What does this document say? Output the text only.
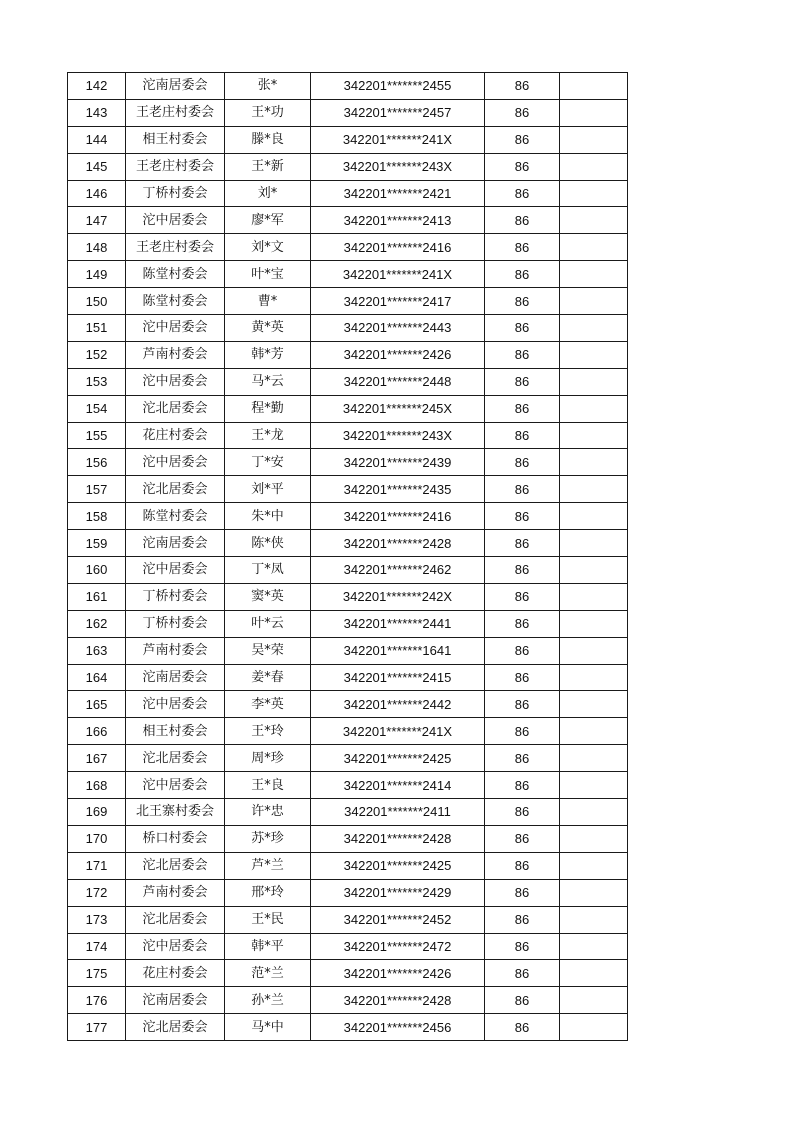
142	沱南居委会	张*	342201*******2455	86	
143	王老庄村委会	王*功	342201*******2457	86	
144	相王村委会	滕*良	342201*******241X	86	
145	王老庄村委会	王*新	342201*******243X	86	
146	丁桥村委会	刘*	342201*******2421	86	
147	沱中居委会	廖*军	342201*******2413	86	
148	王老庄村委会	刘*文	342201*******2416	86	
149	陈堂村委会	叶*宝	342201*******241X	86	
150	陈堂村委会	曹*	342201*******2417	86	
151	沱中居委会	黄*英	342201*******2443	86	
152	芦南村委会	韩*芳	342201*******2426	86	
153	沱中居委会	马*云	342201*******2448	86	
154	沱北居委会	程*勤	342201*******245X	86	
155	花庄村委会	王*龙	342201*******243X	86	
156	沱中居委会	丁*安	342201*******2439	86	
157	沱北居委会	刘*平	342201*******2435	86	
158	陈堂村委会	朱*中	342201*******2416	86	
159	沱南居委会	陈*侠	342201*******2428	86	
160	沱中居委会	丁*凤	342201*******2462	86	
161	丁桥村委会	窦*英	342201*******242X	86	
162	丁桥村委会	叶*云	342201*******2441	86	
163	芦南村委会	吴*荣	342201*******1641	86	
164	沱南居委会	姜*春	342201*******2415	86	
165	沱中居委会	李*英	342201*******2442	86	
166	相王村委会	王*玲	342201*******241X	86	
167	沱北居委会	周*珍	342201*******2425	86	
168	沱中居委会	王*良	342201*******2414	86	
169	北王寨村委会	许*忠	342201*******2411	86	
170	桥口村委会	苏*珍	342201*******2428	86	
171	沱北居委会	芦*兰	342201*******2425	86	
172	芦南村委会	邢*玲	342201*******2429	86	
173	沱北居委会	王*民	342201*******2452	86	
174	沱中居委会	韩*平	342201*******2472	86	
175	花庄村委会	范*兰	342201*******2426	86	
176	沱南居委会	孙*兰	342201*******2428	86	
177	沱北居委会	马*中	342201*******2456	86	
